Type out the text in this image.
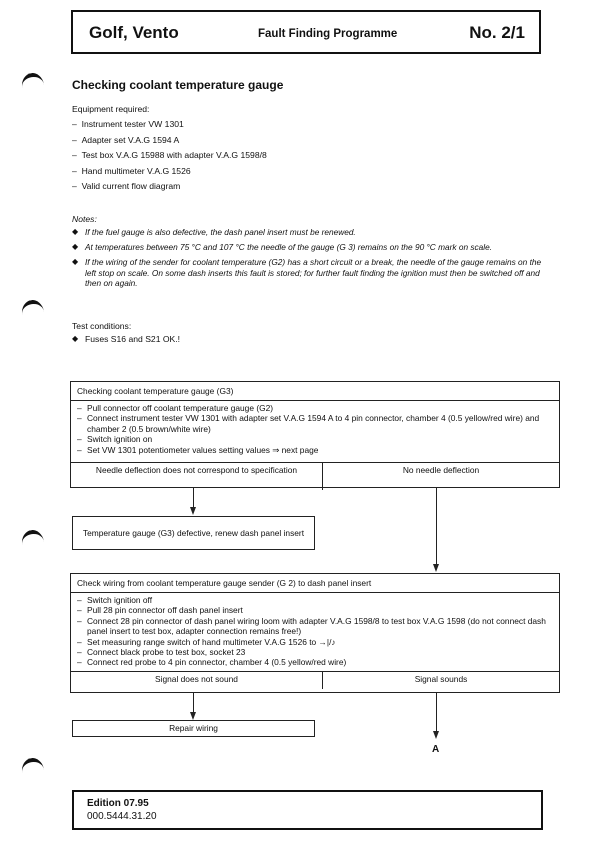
Golf, Vento	Fault Finding Programme	No. 2/1
Checking coolant temperature gauge
Equipment required:
–  Instrument tester VW 1301
–  Adapter set V.A.G 1594 A
–  Test box V.A.G 15988 with adapter V.A.G 1598/8
–  Hand multimeter V.A.G 1526
–  Valid current flow diagram
Notes:
◆ If the fuel gauge is also defective, the dash panel insert must be renewed.
◆ At temperatures between 75 °C and 107 °C the needle of the gauge (G 3) remains on the 90 °C mark on scale.
◆ If the wiring of the sender for coolant temperature (G2) has a short circuit or a break, the needle of the gauge remains on the left stop on scale. On some dash inserts this fault is stored; for further fault finding the ignition must then be switched off and then on again.
Test conditions:
◆ Fuses S16 and S21 OK.!
Checking coolant temperature gauge (G3)
– Pull connector off coolant temperature gauge (G2)
– Connect instrument tester VW 1301 with adapter set V.A.G 1594 A to 4 pin connector, chamber 4 (0.5 yellow/red wire) and chamber 2 (0.5 brown/white wire)
– Switch ignition on
– Set VW 1301 potentiometer values setting values ⇒ next page
Needle deflection does not correspond to specification	No needle deflection
Temperature gauge (G3) defective, renew dash panel insert
Check wiring from coolant temperature gauge sender (G 2) to dash panel insert
– Switch ignition off
– Pull 28 pin connector off dash panel insert
– Connect 28 pin connector of dash panel wiring loom with adapter V.A.G 1598/8 to test box V.A.G 1598 (do not connect dash panel insert to test box, adapter connection remains free!)
– Set measuring range switch of hand multimeter V.A.G 1526 to →|/♪
– Connect black probe to test box, socket 23
– Connect red probe to 4 pin connector, chamber 4 (0.5 yellow/red wire)
Signal does not sound	Signal sounds
Repair wiring
A
Edition 07.95
000.5444.31.20
